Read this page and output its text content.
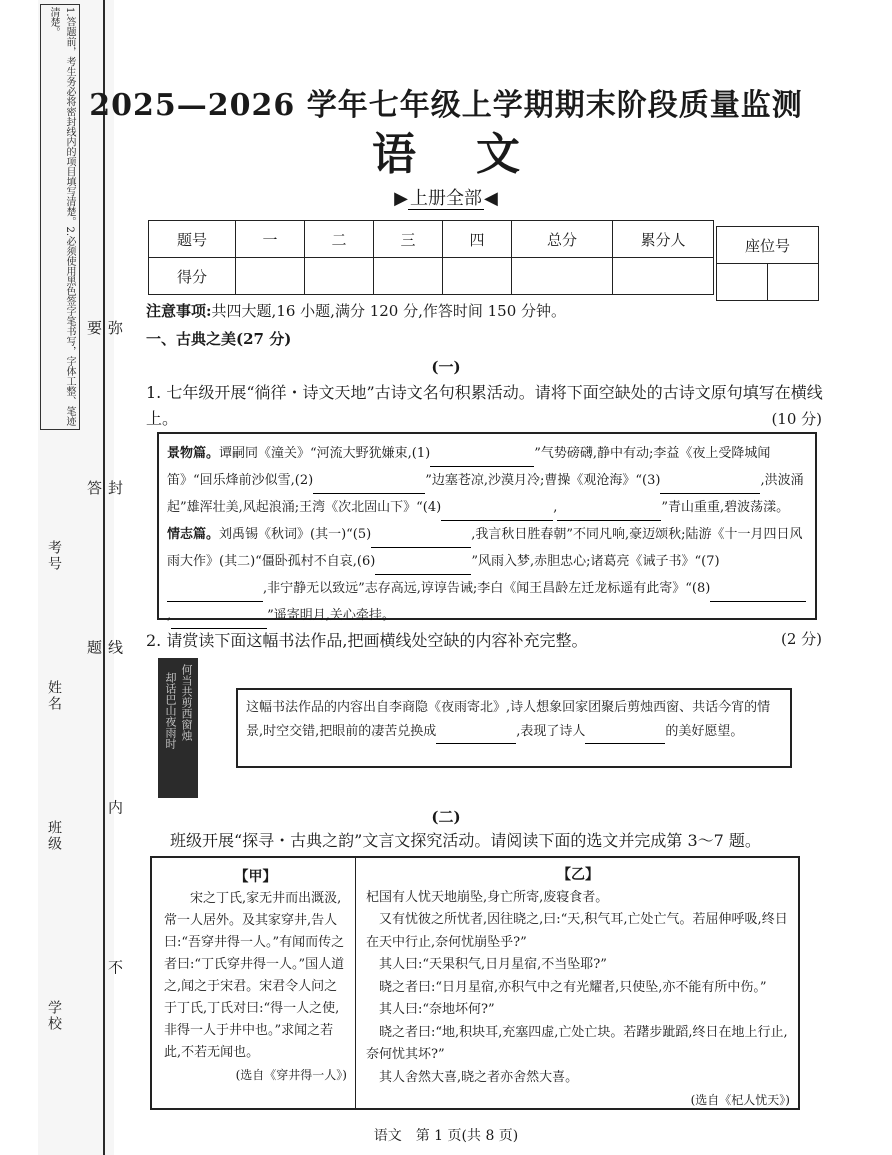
1.答题前，考生务必将密封线内的项目填写清楚。2.必须使用黑色签字笔书写，字体工整、笔迹清楚。
学校
班级
姓名
考号	弥 封 线 内 不 要 答 题
2025—2026 学年七年级上学期期末阶段质量监测
语文
▶ 上册全部 ◀
题号	一	二	三	四	总分	累分人
得分						
座位号

注意事项:共四大题,16 小题,满分 120 分,作答时间 150 分钟。
一、古典之美(27 分)
(一)
1. 七年级开展“徜徉・诗文天地”古诗文名句积累活动。请将下面空缺处的古诗文原句填写在横线上。	(10 分)
景物篇。谭嗣同《潼关》“河流大野犹嫌束,(1)	”气势磅礴,静中有动;李益《夜上受降城闻笛》“回乐烽前沙似雪,(2)	”边塞苍凉,沙漠月冷;曹操《观沧海》“(3)	,洪波涌起”雄浑壮美,风起浪涌;王湾《次北固山下》“(4)	,	”青山重重,碧波荡漾。
情志篇。刘禹锡《秋词》(其一)“(5)	,我言秋日胜春朝”不同凡响,豪迈颂秋;陆游《十一月四日风雨大作》(其二)“僵卧孤村不自哀,(6)	”风雨入梦,赤胆忠心;诸葛亮《诫子书》“(7),非宁静无以致远”志存高远,谆谆告诫;李白《闻王昌龄左迁龙标遥有此寄》“(8),	”遥寄明月,关心牵挂。
2. 请赏读下面这幅书法作品,把画横线处空缺的内容补充完整。	(2 分)
何当共剪西窗烛
却话巴山夜雨时	这幅书法作品的内容出自李商隐《夜雨寄北》,诗人想象回家团聚后剪烛西窗、共话今宵的情景,时空交错,把眼前的凄苦兑换成	,表现了诗人	的美好愿望。
(二)
班级开展“探寻・古典之韵”文言文探究活动。请阅读下面的选文并完成第 3～7 题。
【甲】
宋之丁氏,家无井而出溉汲,常一人居外。及其家穿井,告人曰:“吾穿井得一人。”有闻而传之者曰:“丁氏穿井得一人。”国人道之,闻之于宋君。宋君令人问之于丁氏,丁氏对曰:“得一人之使,非得一人于井中也。”求闻之若此,不若无闻也。
(选自《穿井得一人》)
【乙】
杞国有人忧天地崩坠,身亡所寄,废寝食者。
又有忧彼之所忧者,因往晓之,曰:“天,积气耳,亡处亡气。若屈伸呼吸,终日在天中行止,奈何忧崩坠乎?”
其人曰:“天果积气,日月星宿,不当坠耶?”
晓之者曰:“日月星宿,亦积气中之有光耀者,只使坠,亦不能有所中伤。”
其人曰:“奈地坏何?”
晓之者曰:“地,积块耳,充塞四虚,亡处亡块。若躇步跐蹈,终日在地上行止,奈何忧其坏?”
其人舍然大喜,晓之者亦舍然大喜。
(选自《杞人忧天》)
语文　第 1 页(共 8 页)
